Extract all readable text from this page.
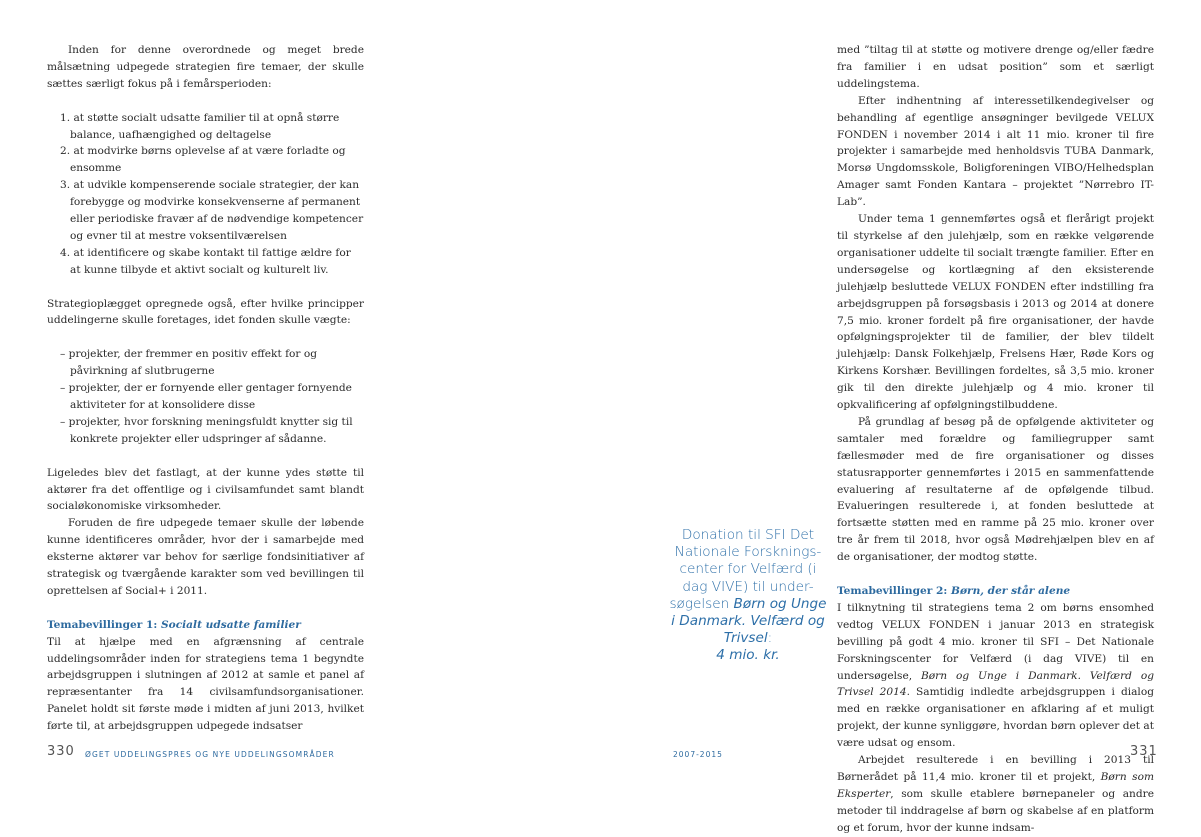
Inden for denne overordnede og meget brede målsætning udpegede strategien fire temaer, der skulle sættes særligt fokus på i femårsperioden:

1. at støtte socialt udsatte familier til at opnå større balance, uafhængighed og deltagelse
2. at modvirke børns oplevelse af at være forladte og ensomme
3. at udvikle kompenserende sociale strategier, der kan forebygge og modvirke konsekvenserne af permanent eller periodiske fravær af de nødvendige kompetencer og evner til at mestre voksentilværelsen
4. at identificere og skabe kontakt til fattige ældre for at kunne tilbyde et aktivt socialt og kulturelt liv.

Strategioplægget opregnede også, efter hvilke principper uddelingerne skulle foretages, idet fonden skulle vægte:

– projekter, der fremmer en positiv effekt for og påvirkning af slutbrugerne
– projekter, der er fornyende eller gentager fornyende aktiviteter for at konsolidere disse
– projekter, hvor forskning meningsfuldt knytter sig til konkrete projekter eller udspringer af sådanne.

Ligeledes blev det fastlagt, at der kunne ydes støtte til aktører fra det offentlige og i civilsamfundet samt blandt socialøkonomiske virksomheder.

Foruden de fire udpegede temaer skulle der løbende kunne identificeres områder, hvor der i samarbejde med eksterne aktører var behov for særlige fondsinitiativer af strategisk og tværgående karakter som ved bevillingen til oprettelsen af Social+ i 2011.

Temabevillinger 1: Socialt udsatte familier

Til at hjælpe med en afgrænsning af centrale uddelingsområder inden for strategiens tema 1 begyndte arbejdsgruppen i slutningen af 2012 at samle et panel af repræsentanter fra 14 civilsamfundsorganisationer. Panelet holdt sit første møde i midten af juni 2013, hvilket førte til, at arbejdsgruppen udpegede indsatser

Donation til SFI Det Nationale Forsknings-center for Velfærd (i dag VIVE) til under-søgelsen Børn og Unge i Danmark. Velfærd og Trivsel:
4 mio. kr.

med ”tiltag til at støtte og motivere drenge og/eller fædre fra familier i en udsat position” som et særligt uddelingstema.

Efter indhentning af interessetilkendegivelser og behandling af egentlige ansøgninger bevilgede VELUX FONDEN i november 2014 i alt 11 mio. kroner til fire projekter i samarbejde med henholdsvis TUBA Danmark, Morsø Ungdomsskole, Boligforeningen VIBO/Helhedsplan Amager samt Fonden Kantara – projektet ”Nørrebro IT-Lab”.

Under tema 1 gennemførtes også et flerårigt projekt til styrkelse af den julehjælp, som en række velgørende organisationer uddelte til socialt trængte familier. Efter en undersøgelse og kortlægning af den eksisterende julehjælp besluttede VELUX FONDEN efter indstilling fra arbejdsgruppen på forsøgsbasis i 2013 og 2014 at donere 7,5 mio. kroner fordelt på fire organisationer, der havde opfølgningsprojekter til de familier, der blev tildelt julehjælp: Dansk Folkehjælp, Frelsens Hær, Røde Kors og Kirkens Korshær. Bevillingen fordeltes, så 3,5 mio. kroner gik til den direkte julehjælp og 4 mio. kroner til opkvalificering af opfølgningstilbuddene.

På grundlag af besøg på de opfølgende aktiviteter og samtaler med forældre og familiegrupper samt fællesmøder med de fire organisationer og disses statusrapporter gennemførtes i 2015 en sammenfattende evaluering af resultaterne af de opfølgende tilbud. Evalueringen resulterede i, at fonden besluttede at fortsætte støtten med en ramme på 25 mio. kroner over tre år frem til 2018, hvor også Mødrehjælpen blev en af de organisationer, der modtog støtte.

Temabevillinger 2: Børn, der står alene

I tilknytning til strategiens tema 2 om børns ensomhed vedtog VELUX FONDEN i januar 2013 en strategisk bevilling på godt 4 mio. kroner til SFI – Det Nationale Forskningscenter for Velfærd (i dag VIVE) til en undersøgelse, Børn og Unge i Danmark. Velfærd og Trivsel 2014. Samtidig indledte arbejdsgruppen i dialog med en række organisationer en afklaring af et muligt projekt, der kunne synliggøre, hvordan børn oplever det at være udsat og ensom.

Arbejdet resulterede i en bevilling i 2013 til Børnerådet på 11,4 mio. kroner til et projekt, Børn som Eksperter, som skulle etablere børnepaneler og andre metoder til inddragelse af børn og skabelse af en platform og et forum, hvor der kunne indsam-

330 ØGET UDDELINGSPRES OG NYE UDDELINGSOMRÅDER	2007-2015	331
